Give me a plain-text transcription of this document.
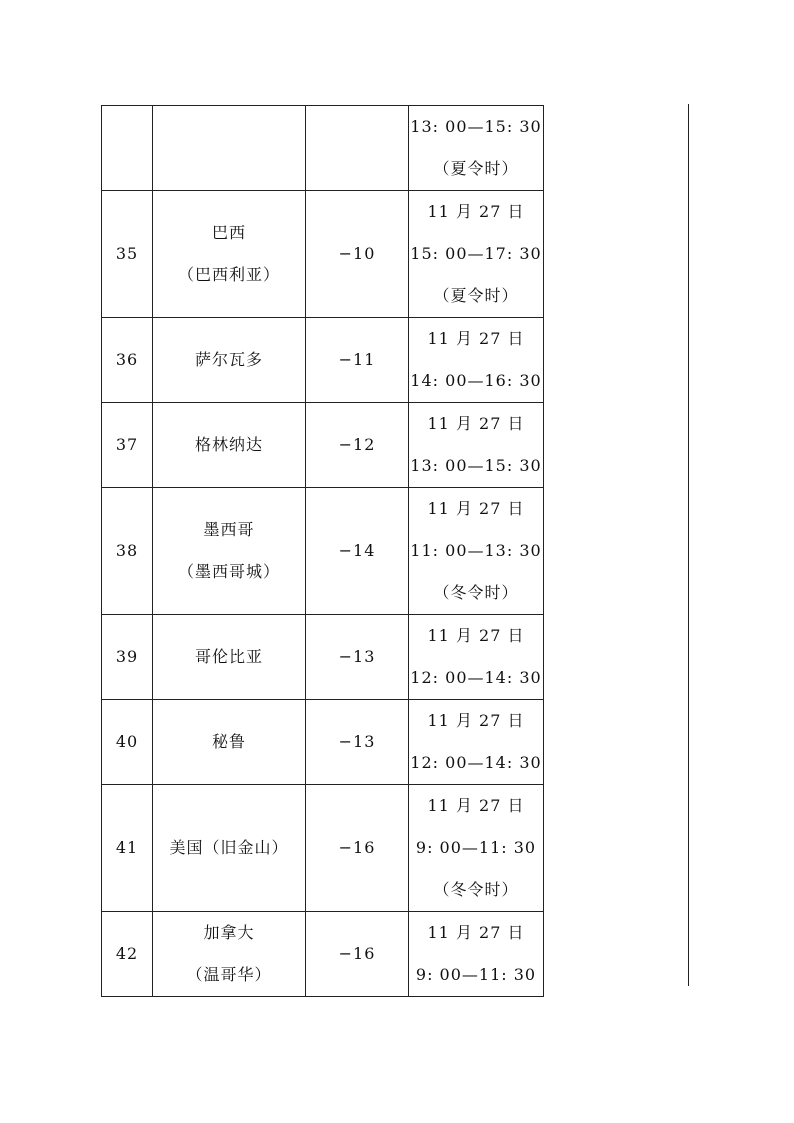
			13: 00—15: 30
（夏令时）

35	巴西
（巴西利亚）	−10	11 月 27 日
15: 00—17: 30
（夏令时）

36	萨尔瓦多	−11	11 月 27 日
14: 00—16: 30

37	格林纳达	−12	11 月 27 日
13: 00—15: 30

38	墨西哥
（墨西哥城）	−14	11 月 27 日
11: 00—13: 30
（冬令时）

39	哥伦比亚	−13	11 月 27 日
12: 00—14: 30

40	秘鲁	−13	11 月 27 日
12: 00—14: 30

41	美国（旧金山）	−16	11 月 27 日
9: 00—11: 30
（冬令时）

42	加拿大
（温哥华）	−16	11 月 27 日
9: 00—11: 30
